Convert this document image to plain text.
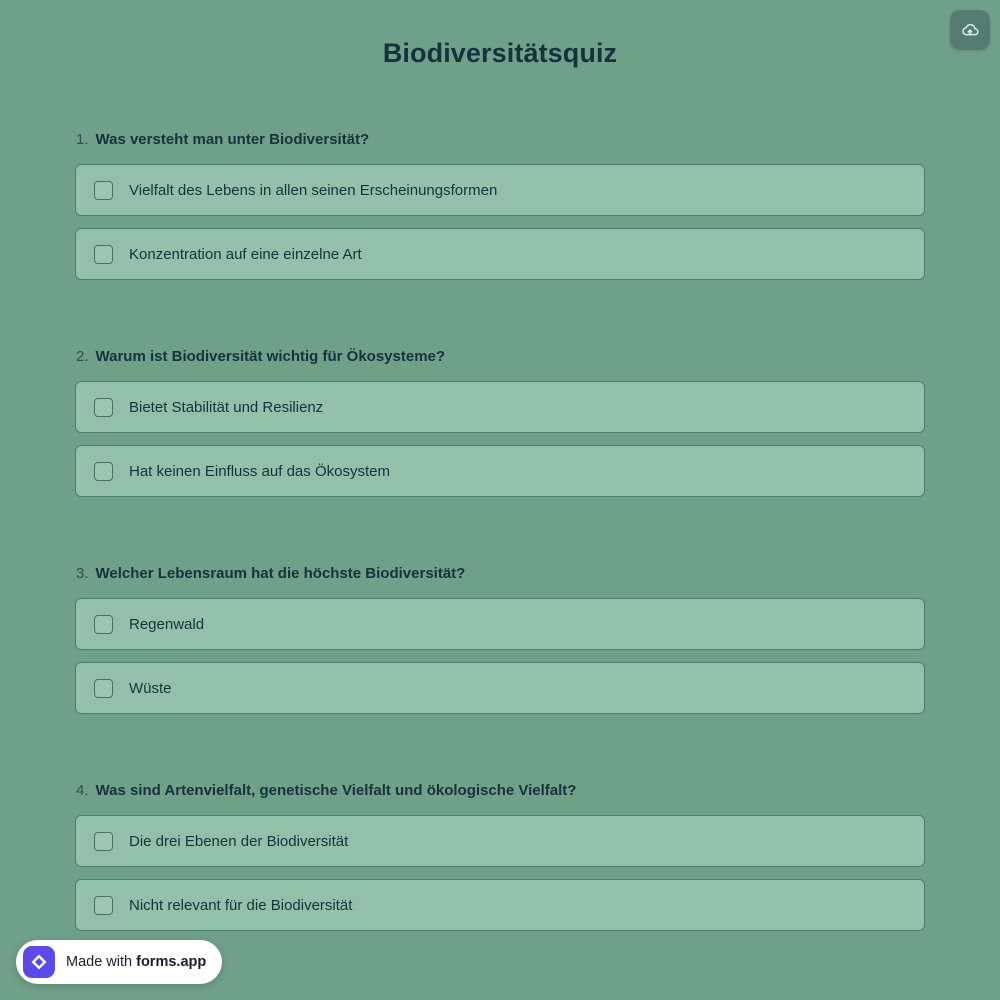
Biodiversitätsquiz
1. Was versteht man unter Biodiversität?
Vielfalt des Lebens in allen seinen Erscheinungsformen
Konzentration auf eine einzelne Art
2. Warum ist Biodiversität wichtig für Ökosysteme?
Bietet Stabilität und Resilienz
Hat keinen Einfluss auf das Ökosystem
3. Welcher Lebensraum hat die höchste Biodiversität?
Regenwald
Wüste
4. Was sind Artenvielfalt, genetische Vielfalt und ökologische Vielfalt?
Die drei Ebenen der Biodiversität
Nicht relevant für die Biodiversität
Made with forms.app
